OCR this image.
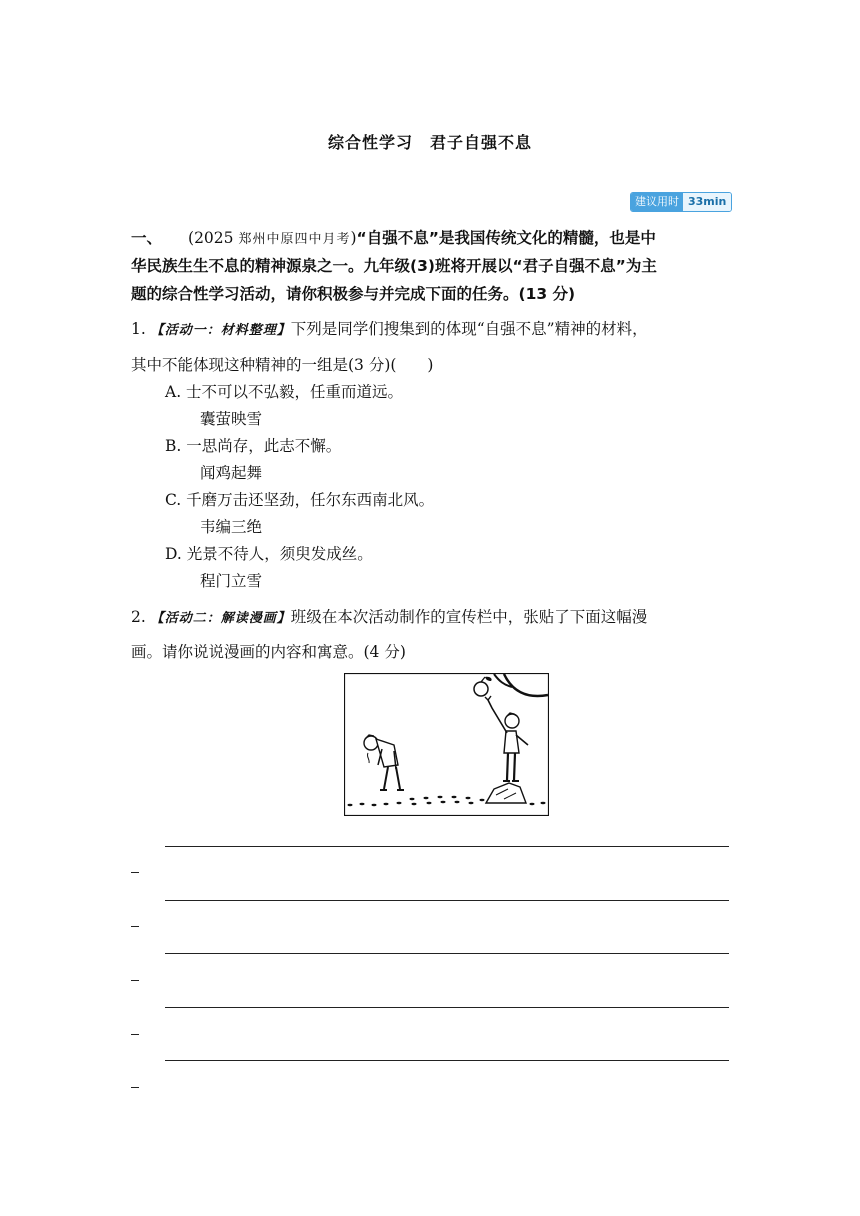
综合性学习　君子自强不息
建议用时 33min
一、 (2025 郑州中原四中月考)“自强不息”是我国传统文化的精髓，也是中
华民族生生不息的精神源泉之一。九年级(3)班将开展以“君子自强不息”为主
题的综合性学习活动，请你积极参与并完成下面的任务。(13 分)
1. 【活动一：材料整理】下列是同学们搜集到的体现“自强不息”精神的材料，
其中不能体现这种精神的一组是(3 分)(　　)
A. 士不可以不弘毅，任重而道远。
囊萤映雪
B. 一思尚存，此志不懈。
闻鸡起舞
C. 千磨万击还坚劲，任尔东西南北风。
韦编三绝
D. 光景不待人，须臾发成丝。
程门立雪
2. 【活动二：解读漫画】班级在本次活动制作的宣传栏中，张贴了下面这幅漫
画。请你说说漫画的内容和寓意。(4 分)
